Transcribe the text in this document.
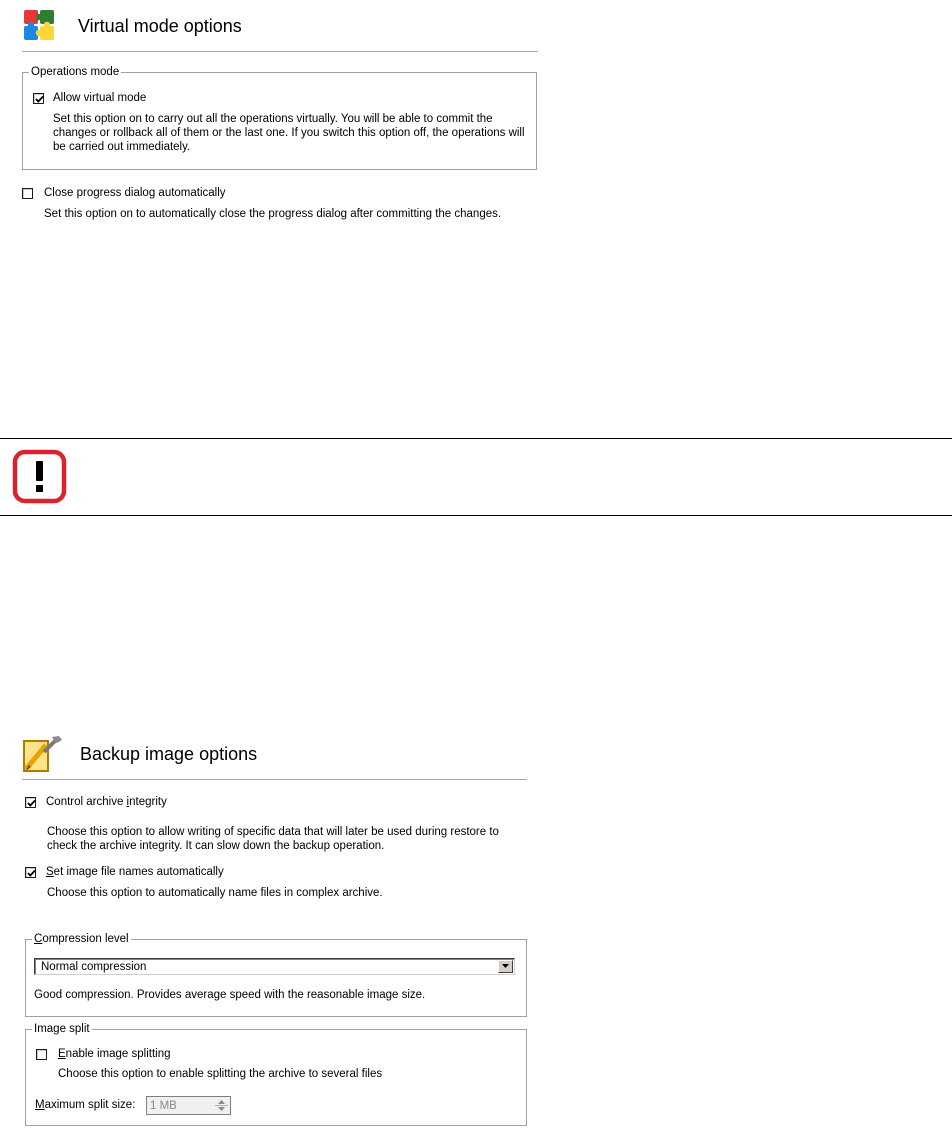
Virtual mode options
Operations mode
Allow virtual mode
Set this option on to carry out all the operations virtually. You will be able to commit the changes or rollback all of them or the last one. If you switch this option off, the operations will be carried out immediately.
Close progress dialog automatically
Set this option on to automatically close the progress dialog after committing the changes.
Backup image options
Control archive integrity
Choose this option to allow writing of specific data that will later be used during restore to check the archive integrity. It can slow down the backup operation.
Set image file names automatically
Choose this option to automatically name files in complex archive.
Compression level
Normal compression
Good compression. Provides average speed with the reasonable image size.
Image split
Enable image splitting
Choose this option to enable splitting the archive to several files
Maximum split size: 1 MB
